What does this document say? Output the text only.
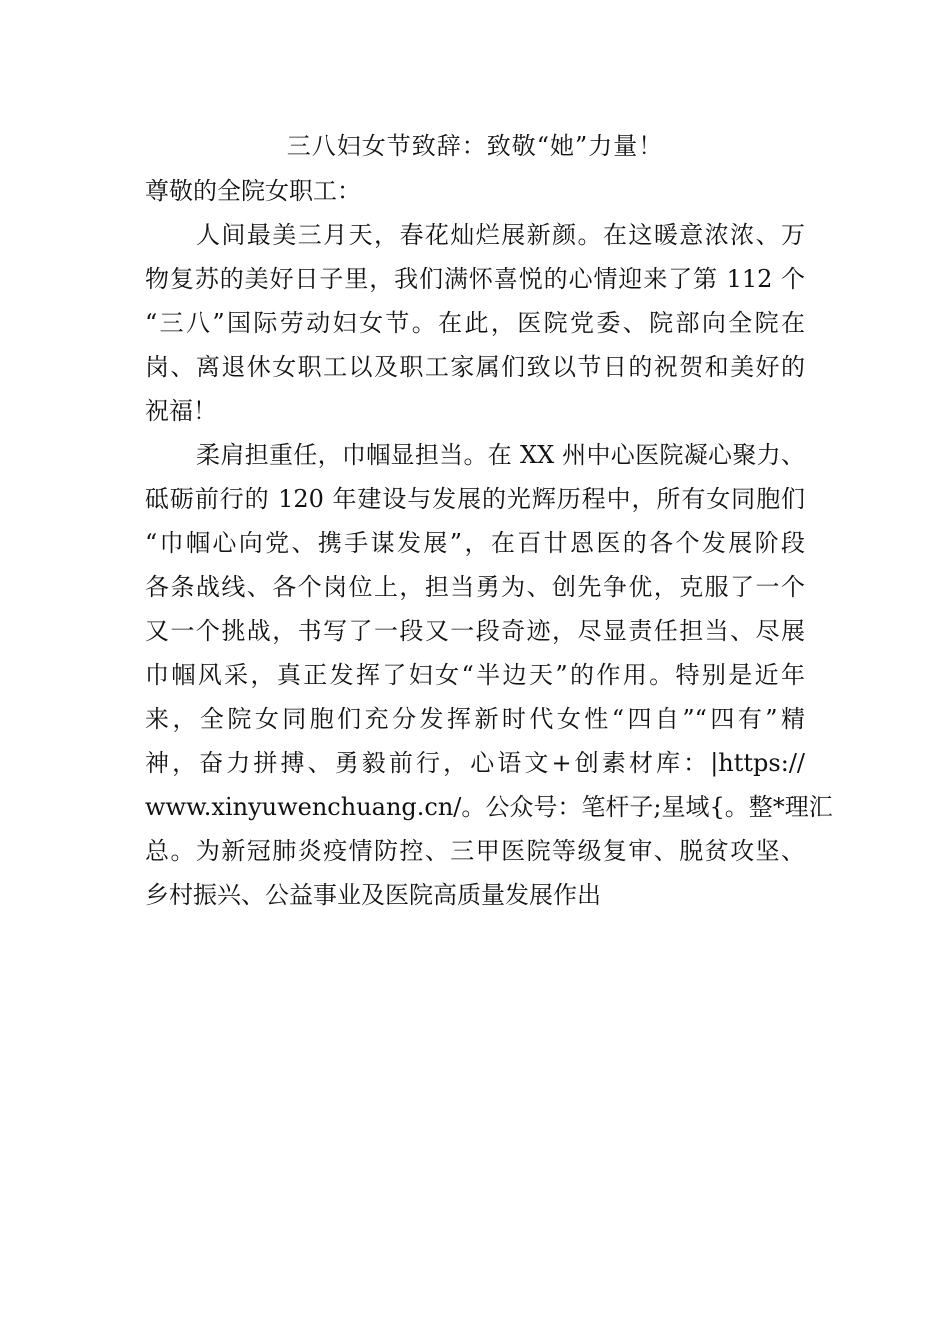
三八妇女节致辞：致敬“她”力量！
尊敬的全院女职工：
人间最美三月天，春花灿烂展新颜。在这暖意浓浓、万
物复苏的美好日子里，我们满怀喜悦的心情迎来了第 112 个
“三八”国际劳动妇女节。在此，医院党委、院部向全院在
岗、离退休女职工以及职工家属们致以节日的祝贺和美好的
祝福！
柔肩担重任，巾帼显担当。在 XX 州中心医院凝心聚力、
砥砺前行的 120 年建设与发展的光辉历程中，所有女同胞们
“巾帼心向党、携手谋发展”，在百廿恩医的各个发展阶段
各条战线、各个岗位上，担当勇为、创先争优，克服了一个
又一个挑战，书写了一段又一段奇迹，尽显责任担当、尽展
巾帼风采，真正发挥了妇女“半边天”的作用。特别是近年
来，全院女同胞们充分发挥新时代女性“四自”“四有”精
神，奋力拼搏、勇毅前行，心语文+创素材库：|https://
www.xinyuwenchuang.cn/。公众号：笔杆子;星域{。整*理汇
总。为新冠肺炎疫情防控、三甲医院等级复审、脱贫攻坚、
乡村振兴、公益事业及医院高质量发展作出
